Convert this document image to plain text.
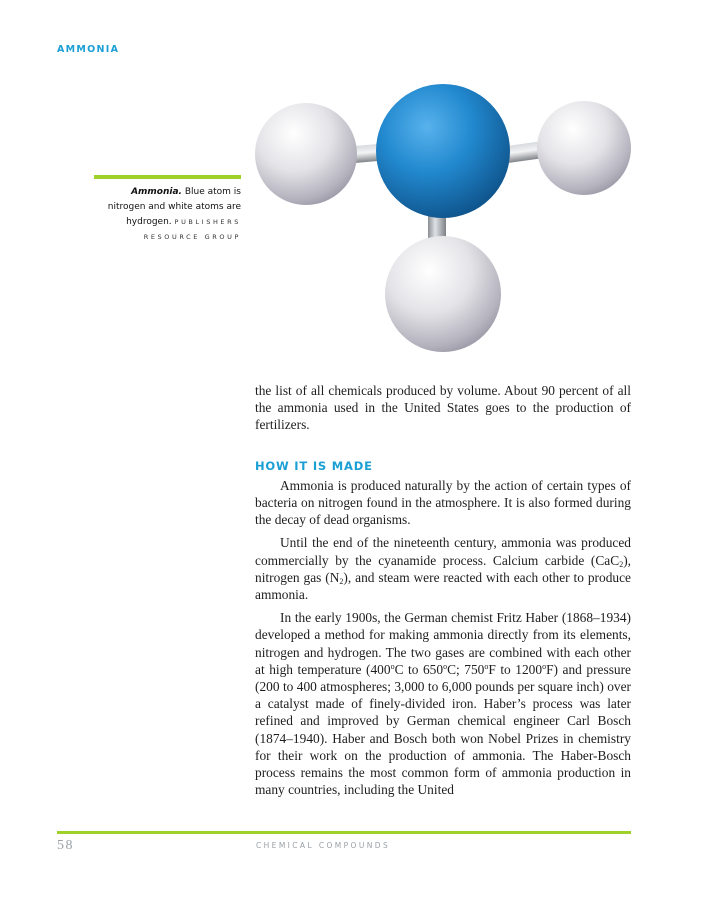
AMMONIA
Ammonia. Blue atom is nitrogen and white atoms are hydrogen. PUBLISHERS RESOURCE GROUP

the list of all chemicals produced by volume. About 90 percent of all the ammonia used in the United States goes to the production of fertilizers.

HOW IT IS MADE

Ammonia is produced naturally by the action of certain types of bacteria on nitrogen found in the atmosphere. It is also formed during the decay of dead organisms.

Until the end of the nineteenth century, ammonia was produced commercially by the cyanamide process. Calcium carbide (CaC$_2$), nitrogen gas $(N_2)$, and steam were reacted with each other to produce ammonia.

In the early 1900s, the German chemist Fritz Haber (1868–1934) developed a method for making ammonia directly from its elements, nitrogen and hydrogen. The two gases are combined with each other at high temperature (400$^o$C to 650$^o$C; 750$^o$F to 1200$^o$F) and pressure (200 to 400 atmospheres; 3,000 to 6,000 pounds per square inch) over a catalyst made of finely-divided iron. Haber’s process was later refined and improved by German chemical engineer Carl Bosch (1874–1940). Haber and Bosch both won Nobel Prizes in chemistry for their work on the production of ammonia. The Haber-Bosch process remains the most common form of ammonia production in many countries, including the United

58	CHEMICAL COMPOUNDS
